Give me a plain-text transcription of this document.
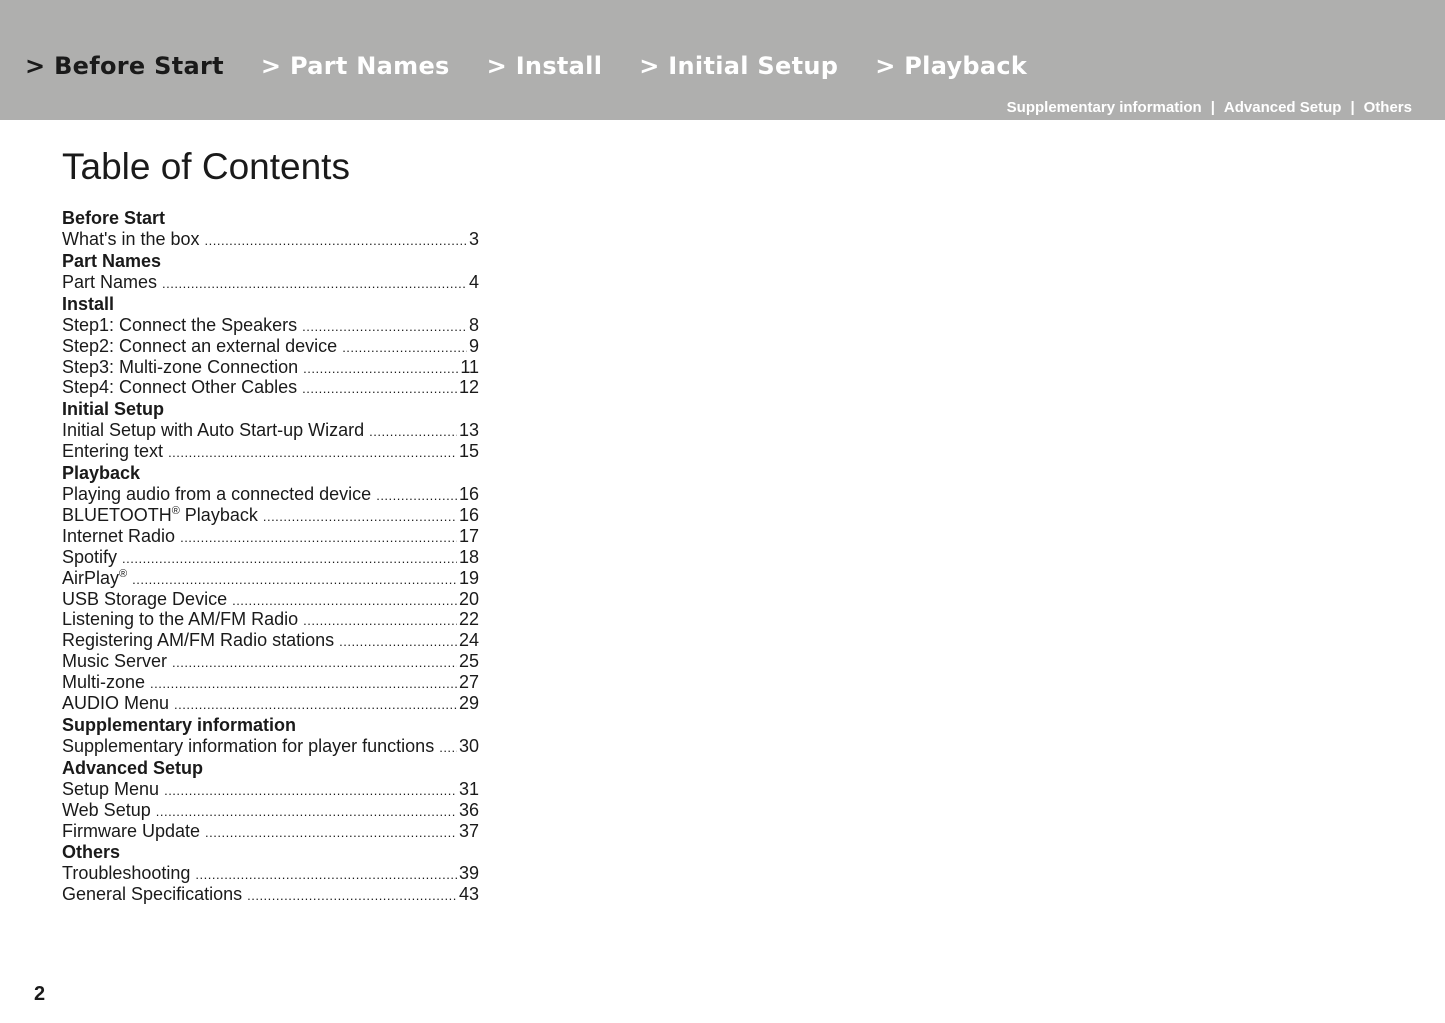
> Before Start > Part Names > Install > Initial Setup > Playback
Supplementary information | Advanced Setup | Others
Table of Contents
Before Start
What's in the box .....	3
Part Names
Part Names .....	4
Install
Step1: Connect the Speakers .....	8
Step2: Connect an external device .....	9
Step3: Multi-zone Connection .....	11
Step4: Connect Other Cables .....	12
Initial Setup
Initial Setup with Auto Start-up Wizard .....	13
Entering text .....	15
Playback
Playing audio from a connected device .....	16
BLUETOOTH® Playback .....	16
Internet Radio .....	17
Spotify .....	18
AirPlay® .....	19
USB Storage Device .....	20
Listening to the AM/FM Radio .....	22
Registering AM/FM Radio stations .....	24
Music Server .....	25
Multi-zone .....	27
AUDIO Menu .....	29
Supplementary information
Supplementary information for player functions ..... 30
Advanced Setup
Setup Menu .....	31
Web Setup .....	36
Firmware Update .....	37
Others
Troubleshooting .....	39
General Specifications .....	43
2
